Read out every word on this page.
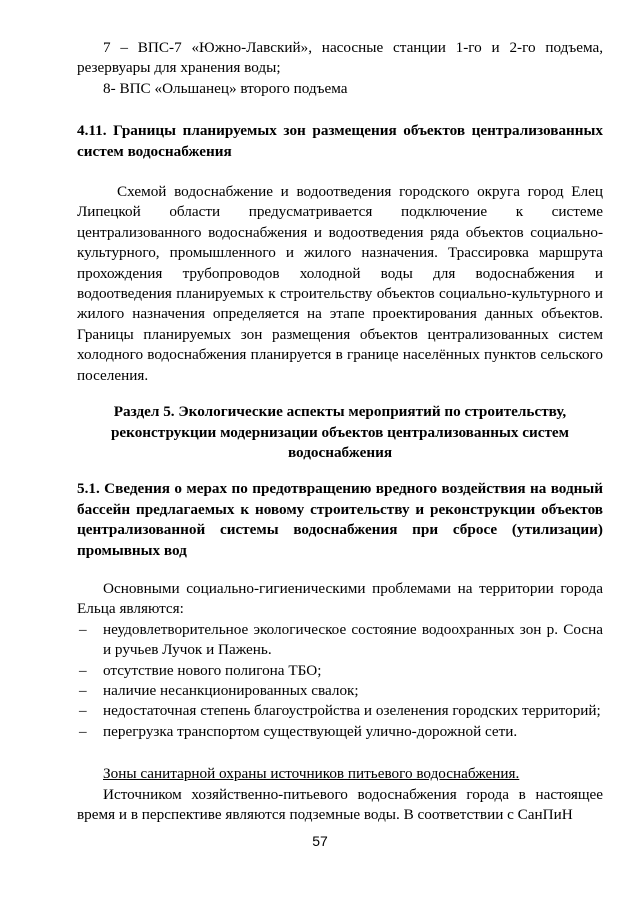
7 – ВПС-7 «Южно-Лавский», насосные станции 1-го и 2-го подъема, резервуары для хранения воды;

8- ВПС «Ольшанец» второго подъема

4.11. Границы планируемых зон размещения объектов централизованных систем водоснабжения

Схемой водоснабжение и водоотведения городского округа город Елец Липецкой области предусматривается подключение к системе централизованного водоснабжения и водоотведения ряда объектов социально-культурного, промышленного и жилого назначения. Трассировка маршрута прохождения трубопроводов холодной воды для водоснабжения и водоотведения планируемых к строительству объектов социально-культурного и жилого назначения определяется на этапе проектирования данных объектов. Границы планируемых зон размещения объектов централизованных систем холодного водоснабжения планируется в границе населённых пунктов сельского поселения.

Раздел 5. Экологические аспекты мероприятий по строительству, реконструкции модернизации объектов централизованных систем водоснабжения

5.1. Сведения о мерах по предотвращению вредного воздействия на водный бассейн предлагаемых к новому строительству и реконструкции объектов централизованной системы водоснабжения при сбросе (утилизации) промывных вод

Основными социально-гигиеническими проблемами на территории города Ельца являются:

– неудовлетворительное экологическое состояние водоохранных зон р. Сосна и ручьев Лучок и Пажень.
– отсутствие нового полигона ТБО;
– наличие несанкционированных свалок;
– недостаточная степень благоустройства и озеленения городских территорий;
– перегрузка транспортом существующей улично-дорожной сети.

Зоны санитарной охраны источников питьевого водоснабжения.

Источником хозяйственно-питьевого водоснабжения города в настоящее время и в перспективе являются подземные воды. В соответствии с СанПиН

57
